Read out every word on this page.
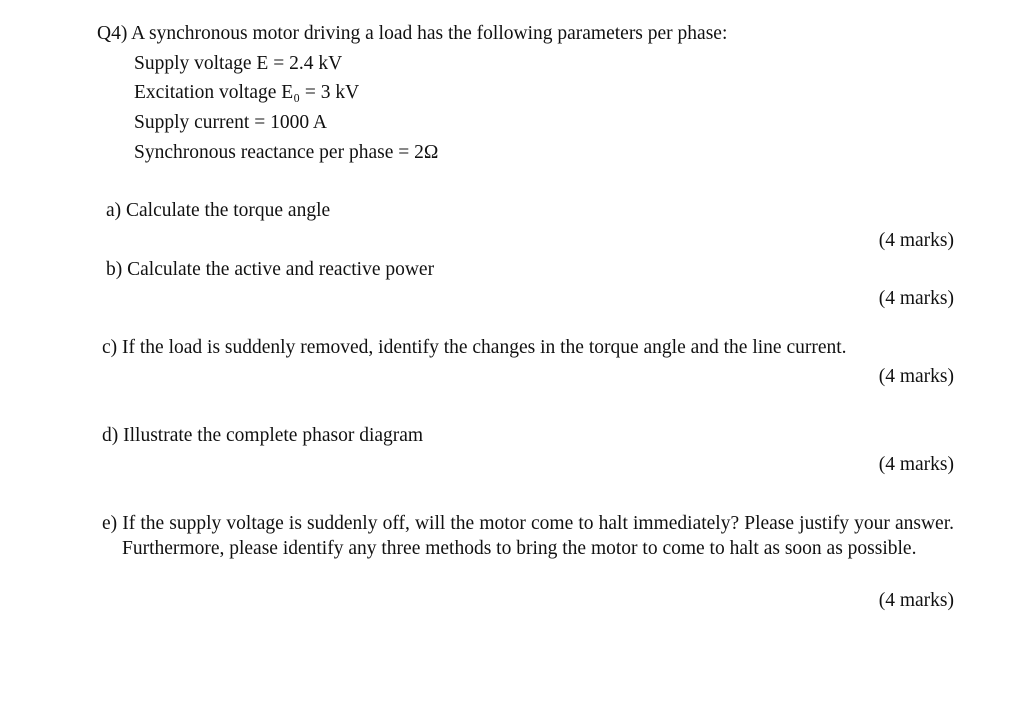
Q4) A synchronous motor driving a load has the following parameters per phase:
Supply voltage E = 2.4 kV
Excitation voltage E₀ = 3 kV
Supply current = 1000 A
Synchronous reactance per phase = 2Ω
a) Calculate the torque angle
(4 marks)
b) Calculate the active and reactive power
(4 marks)
c) If the load is suddenly removed, identify the changes in the torque angle and the line current.
(4 marks)
d) Illustrate the complete phasor diagram
(4 marks)
e) If the supply voltage is suddenly off, will the motor come to halt immediately? Please justify your answer. Furthermore, please identify any three methods to bring the motor to come to halt as soon as possible.
(4 marks)
